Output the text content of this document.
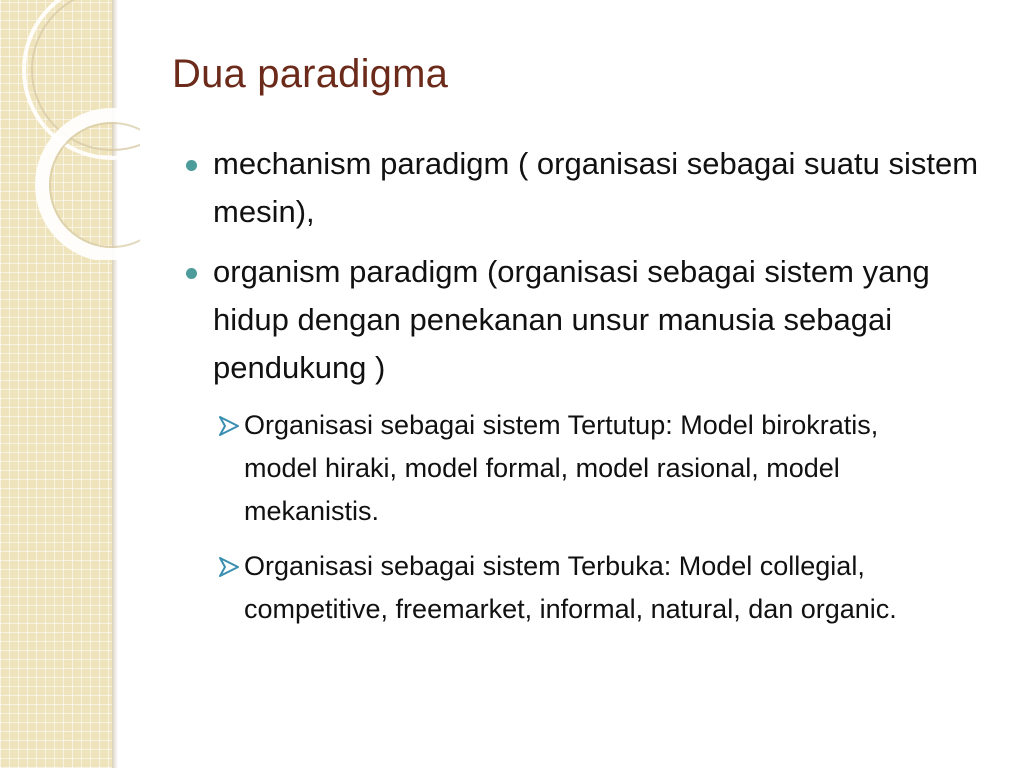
Dua paradigma
mechanism paradigm ( organisasi sebagai suatu sistem mesin),
organism paradigm (organisasi sebagai sistem yang hidup dengan penekanan unsur manusia sebagai pendukung )
Organisasi sebagai sistem Tertutup: Model birokratis, model hiraki, model formal, model rasional, model mekanistis.
Organisasi sebagai sistem Terbuka: Model collegial, competitive, freemarket, informal, natural, dan organic.
